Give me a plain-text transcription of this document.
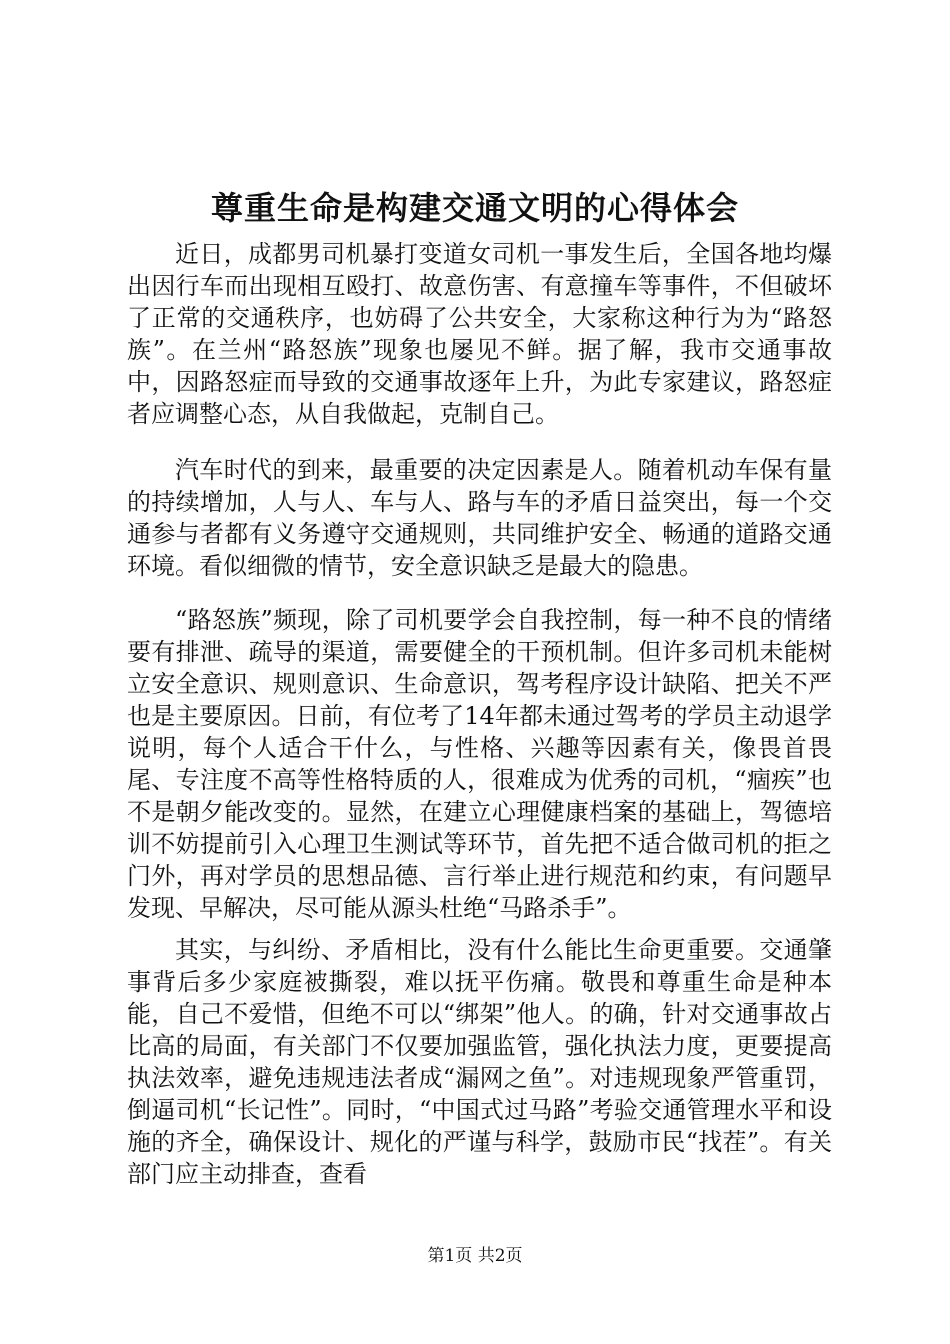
尊重生命是构建交通文明的心得体会

近日，成都男司机暴打变道女司机一事发生后，全国各地均爆出因行车而出现相互殴打、故意伤害、有意撞车等事件，不但破坏了正常的交通秩序，也妨碍了公共安全，大家称这种行为为“路怒族”。在兰州“路怒族”现象也屡见不鲜。据了解，我市交通事故中，因路怒症而导致的交通事故逐年上升，为此专家建议，路怒症者应调整心态，从自我做起，克制自己。

汽车时代的到来，最重要的决定因素是人。随着机动车保有量的持续增加，人与人、车与人、路与车的矛盾日益突出，每一个交通参与者都有义务遵守交通规则，共同维护安全、畅通的道路交通环境。看似细微的情节，安全意识缺乏是最大的隐患。

“路怒族”频现，除了司机要学会自我控制，每一种不良的情绪要有排泄、疏导的渠道，需要健全的干预机制。但许多司机未能树立安全意识、规则意识、生命意识，驾考程序设计缺陷、把关不严也是主要原因。日前，有位考了14年都未通过驾考的学员主动退学说明，每个人适合干什么，与性格、兴趣等因素有关，像畏首畏尾、专注度不高等性格特质的人，很难成为优秀的司机，“痼疾”也不是朝夕能改变的。显然，在建立心理健康档案的基础上，驾德培训不妨提前引入心理卫生测试等环节，首先把不适合做司机的拒之门外，再对学员的思想品德、言行举止进行规范和约束，有问题早发现、早解决，尽可能从源头杜绝“马路杀手”。

其实，与纠纷、矛盾相比，没有什么能比生命更重要。交通肇事背后多少家庭被撕裂，难以抚平伤痛。敬畏和尊重生命是种本能，自己不爱惜，但绝不可以“绑架”他人。的确，针对交通事故占比高的局面，有关部门不仅要加强监管，强化执法力度，更要提高执法效率，避免违规违法者成“漏网之鱼”。对违规现象严管重罚，倒逼司机“长记性”。同时，“中国式过马路”考验交通管理水平和设施的齐全，确保设计、规化的严谨与科学，鼓励市民“找茬”。有关部门应主动排查，查看

第1页 共2页
